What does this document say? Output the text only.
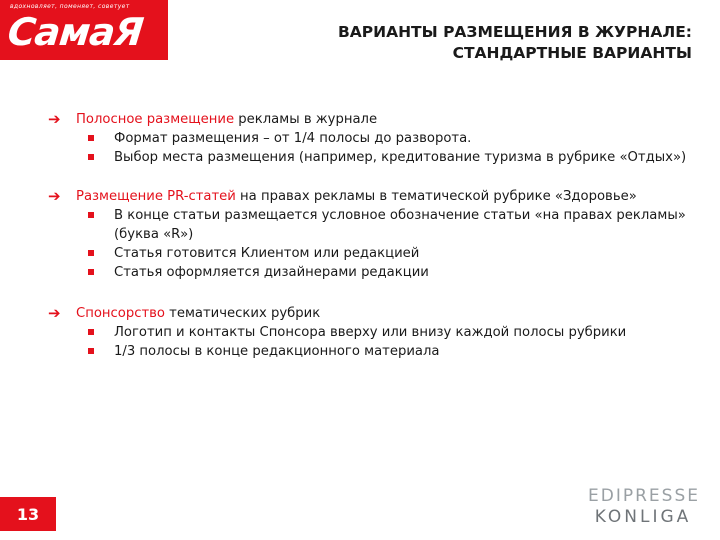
вдохновляет, поменяет, советует
СамаЯ	ВАРИАНТЫ РАЗМЕЩЕНИЯ В ЖУРНАЛЕ:
СТАНДАРТНЫЕ ВАРИАНТЫ
➔ Полосное размещение рекламы в журнале
Формат размещения – от 1/4 полосы до разворота.
Выбор места размещения (например, кредитование туризма в рубрике «Отдых»)
➔ Размещение PR-статей на правах рекламы в тематической рубрике «Здоровье»
В конце статьи размещается условное обозначение статьи «на правах рекламы» (буква «R»)
Статья готовится Клиентом или редакцией
Статья оформляется дизайнерами редакции
➔ Спонсорство тематических рубрик
Логотип и контакты Спонсора вверху или внизу каждой полосы рубрики
1/3 полосы в конце редакционного материала
13
EDIPRESSE
KONLIGA
